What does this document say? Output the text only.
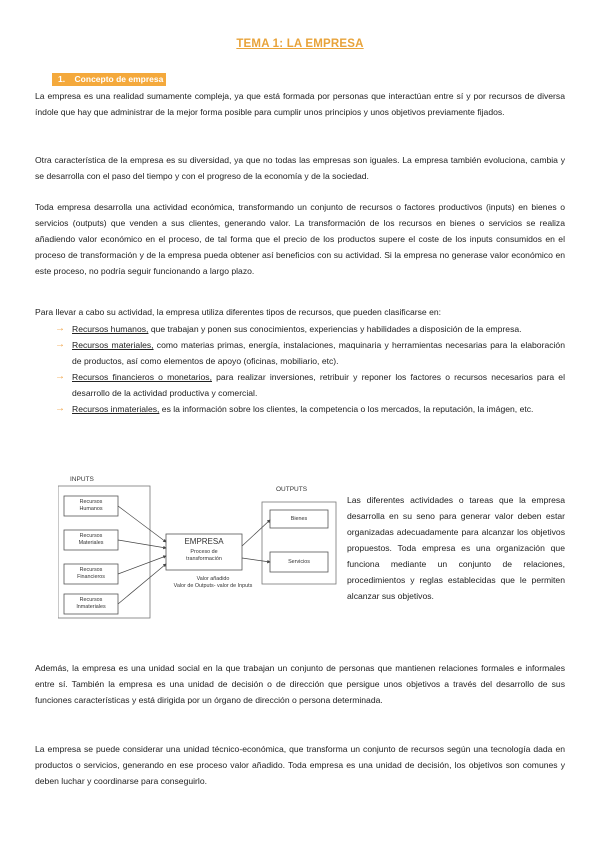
TEMA 1: LA EMPRESA
1. Concepto de empresa

La empresa es una realidad sumamente compleja, ya que está formada por personas que interactúan entre sí y por recursos de diversa índole que hay que administrar de la mejor forma posible para cumplir unos principios y unos objetivos previamente fijados.

Otra característica de la empresa es su diversidad, ya que no todas las empresas son iguales. La empresa también evoluciona, cambia y se desarrolla con el paso del tiempo y con el progreso de la economía y de la sociedad.

Toda empresa desarrolla una actividad económica, transformando un conjunto de recursos o factores productivos (inputs) en bienes o servicios (outputs) que venden a sus clientes, generando valor. La transformación de los recursos en bienes o servicios se realiza añadiendo valor económico en el proceso, de tal forma que el precio de los productos supere el coste de los inputs consumidos en el proceso de transformación y de la empresa pueda obtener así beneficios con su actividad. Si la empresa no generase valor económico en este proceso, no podría seguir funcionando a largo plazo.

Para llevar a cabo su actividad, la empresa utiliza diferentes tipos de recursos, que pueden clasificarse en:

→ Recursos humanos, que trabajan y ponen sus conocimientos, experiencias y habilidades a disposición de la empresa.
→ Recursos materiales, como materias primas, energía, instalaciones, maquinaria y herramientas necesarias para la elaboración de productos, así como elementos de apoyo (oficinas, mobiliario, etc).
→ Recursos financieros o monetarios, para realizar inversiones, retribuir y reponer los factores o recursos necesarios para el desarrollo de la actividad productiva y comercial.
→ Recursos inmateriales, es la información sobre los clientes, la competencia o los mercados, la reputación, la imágen, etc.
INPUTS
OUTPUTS
Recursos
Humanos
Recursos
Materiales
Recursos
Financieros
Recursos
Inmateriales
EMPRESA
Proceso de
transformación
Bienes
Servicios
Valor añadido
Valor de Outputs- valor de Inputs

Las diferentes actividades o tareas que la empresa desarrolla en su seno para generar valor deben estar organizadas adecuadamente para alcanzar los objetivos propuestos. Toda empresa es una organización que funciona mediante un conjunto de relaciones, procedimientos y reglas establecidas que le permiten alcanzar sus objetivos.

Además, la empresa es una unidad social en la que trabajan un conjunto de personas que mantienen relaciones formales e informales entre sí. También la empresa es una unidad de decisión o de dirección que persigue unos objetivos a través del desarrollo de sus funciones características y está dirigida por un órgano de dirección o persona determinada.

La empresa se puede considerar una unidad técnico-económica, que transforma un conjunto de recursos según una tecnología dada en productos o servicios, generando en ese proceso valor añadido. Toda empresa es una unidad de decisión, los objetivos son comunes y deben luchar y coordinarse para conseguirlo.
